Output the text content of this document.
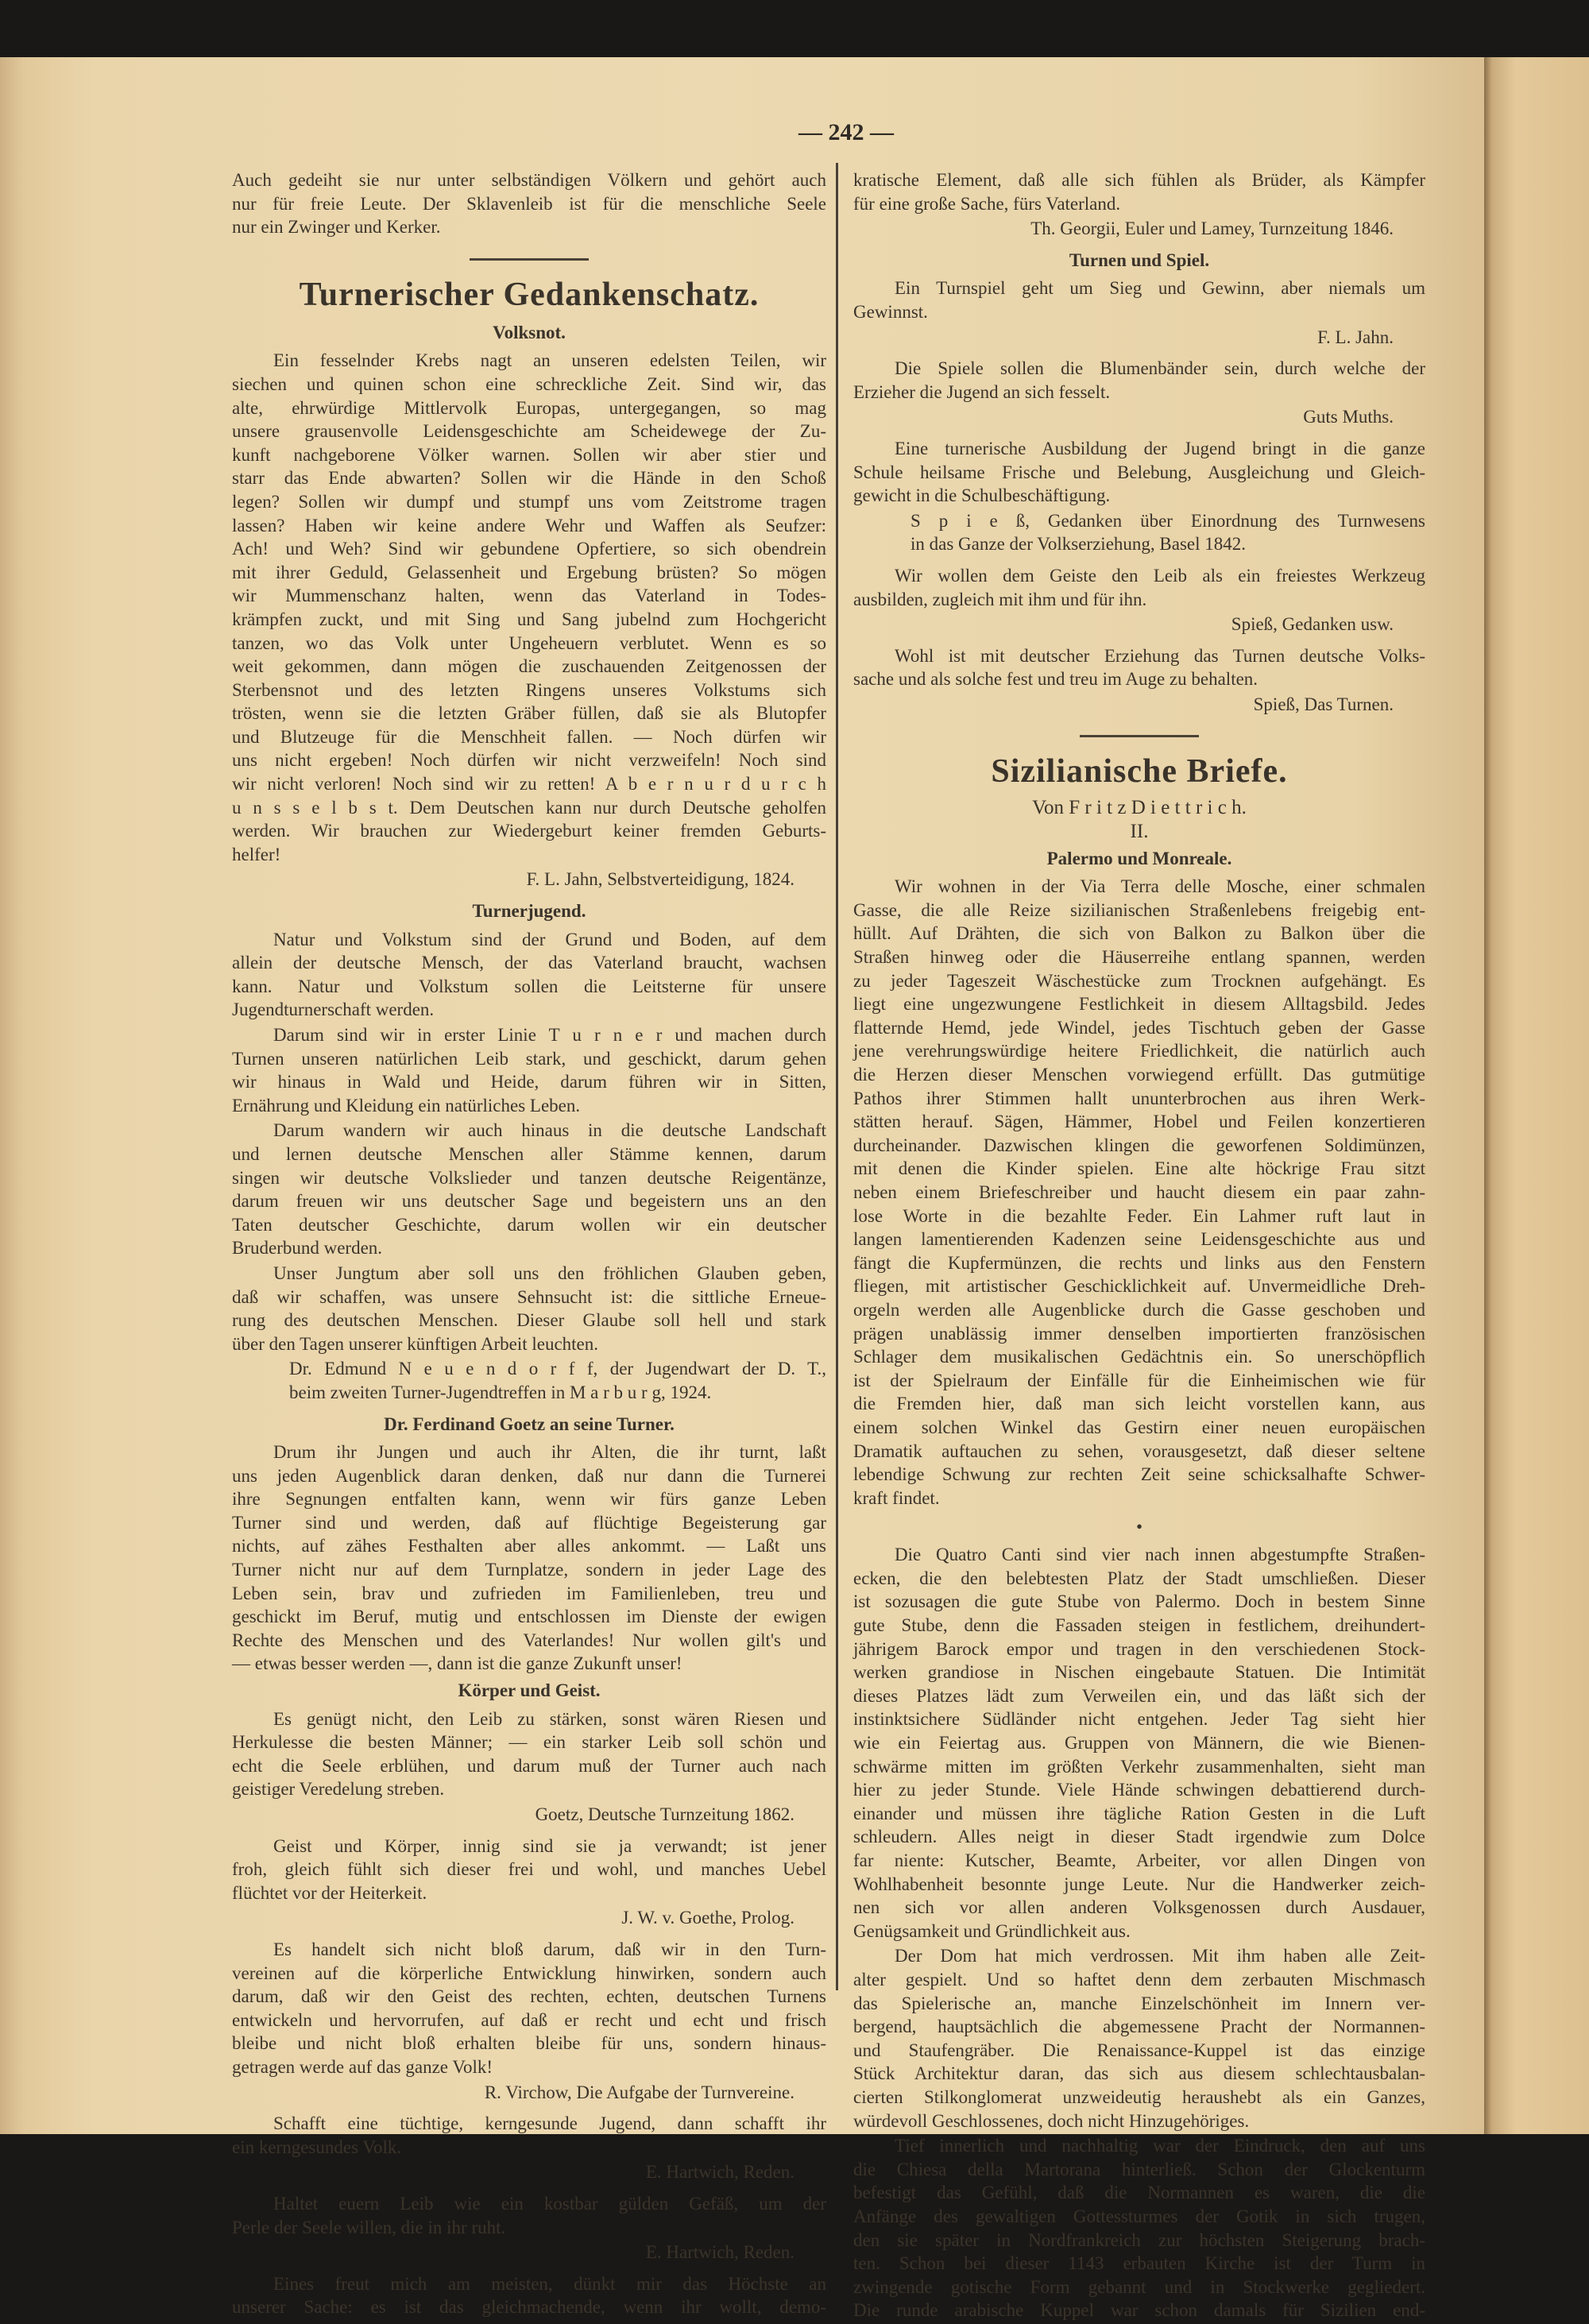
— 242 —
Auch gedeiht sie nur unter selbständigen Völkern und gehört auch
nur für freie Leute. Der Sklavenleib ist für die menschliche Seele
nur ein Zwinger und Kerker.
Turnerischer Gedankenschatz.
Volksnot.
Ein fesselnder Krebs nagt an unseren edelsten Teilen, wir
siechen und quinen schon eine schreckliche Zeit. Sind wir, das
alte, ehrwürdige Mittlervolk Europas, untergegangen, so mag
unsere grausenvolle Leidensgeschichte am Scheidewege der Zu-
kunft nachgeborene Völker warnen. Sollen wir aber stier und
starr das Ende abwarten? Sollen wir die Hände in den Schoß
legen? Sollen wir dumpf und stumpf uns vom Zeitstrome tragen
lassen? Haben wir keine andere Wehr und Waffen als Seufzer:
Ach! und Weh? Sind wir gebundene Opfertiere, so sich obendrein
mit ihrer Geduld, Gelassenheit und Ergebung brüsten? So mögen
wir Mummenschanz halten, wenn das Vaterland in Todes-
krämpfen zuckt, und mit Sing und Sang jubelnd zum Hochgericht
tanzen, wo das Volk unter Ungeheuern verblutet. Wenn es so
weit gekommen, dann mögen die zuschauenden Zeitgenossen der
Sterbensnot und des letzten Ringens unseres Volkstums sich
trösten, wenn sie die letzten Gräber füllen, daß sie als Blutopfer
und Blutzeuge für die Menschheit fallen. — Noch dürfen wir
uns nicht ergeben! Noch dürfen wir nicht verzweifeln! Noch sind
wir nicht verloren! Noch sind wir zu retten! A b e r n u r d u r c h
u n s s e l b s t. Dem Deutschen kann nur durch Deutsche geholfen
werden. Wir brauchen zur Wiedergeburt keiner fremden Geburts-
helfer!
F. L. Jahn, Selbstverteidigung, 1824.
Turnerjugend.
Natur und Volkstum sind der Grund und Boden, auf dem
allein der deutsche Mensch, der das Vaterland braucht, wachsen
kann. Natur und Volkstum sollen die Leitsterne für unsere
Jugendturnerschaft werden.
Darum sind wir in erster Linie T u r n e r und machen durch
Turnen unseren natürlichen Leib stark, und geschickt, darum gehen
wir hinaus in Wald und Heide, darum führen wir in Sitten,
Ernährung und Kleidung ein natürliches Leben.
Darum wandern wir auch hinaus in die deutsche Landschaft
und lernen deutsche Menschen aller Stämme kennen, darum
singen wir deutsche Volkslieder und tanzen deutsche Reigentänze,
darum freuen wir uns deutscher Sage und begeistern uns an den
Taten deutscher Geschichte, darum wollen wir ein deutscher
Bruderbund werden.
Unser Jungtum aber soll uns den fröhlichen Glauben geben,
daß wir schaffen, was unsere Sehnsucht ist: die sittliche Erneue-
rung des deutschen Menschen. Dieser Glaube soll hell und stark
über den Tagen unserer künftigen Arbeit leuchten.
Dr. Edmund N e u e n d o r f f, der Jugendwart der D. T.,
beim zweiten Turner-Jugendtreffen in M a r b u r g, 1924.
Dr. Ferdinand Goetz an seine Turner.
Drum ihr Jungen und auch ihr Alten, die ihr turnt, laßt
uns jeden Augenblick daran denken, daß nur dann die Turnerei
ihre Segnungen entfalten kann, wenn wir fürs ganze Leben
Turner sind und werden, daß auf flüchtige Begeisterung gar
nichts, auf zähes Festhalten aber alles ankommt. — Laßt uns
Turner nicht nur auf dem Turnplatze, sondern in jeder Lage des
Leben sein, brav und zufrieden im Familienleben, treu und
geschickt im Beruf, mutig und entschlossen im Dienste der ewigen
Rechte des Menschen und des Vaterlandes! Nur wollen gilt's und
— etwas besser werden —, dann ist die ganze Zukunft unser!
Körper und Geist.
Es genügt nicht, den Leib zu stärken, sonst wären Riesen und
Herkulesse die besten Männer; — ein starker Leib soll schön und
echt die Seele erblühen, und darum muß der Turner auch nach
geistiger Veredelung streben.
Goetz, Deutsche Turnzeitung 1862.
Geist und Körper, innig sind sie ja verwandt; ist jener
froh, gleich fühlt sich dieser frei und wohl, und manches Uebel
flüchtet vor der Heiterkeit.
J. W. v. Goethe, Prolog.
Es handelt sich nicht bloß darum, daß wir in den Turn-
vereinen auf die körperliche Entwicklung hinwirken, sondern auch
darum, daß wir den Geist des rechten, echten, deutschen Turnens
entwickeln und hervorrufen, auf daß er recht und echt und frisch
bleibe und nicht bloß erhalten bleibe für uns, sondern hinaus-
getragen werde auf das ganze Volk!
R. Virchow, Die Aufgabe der Turnvereine.
Schafft eine tüchtige, kerngesunde Jugend, dann schafft ihr
ein kerngesundes Volk.
E. Hartwich, Reden.
Haltet euern Leib wie ein kostbar gülden Gefäß, um der
Perle der Seele willen, die in ihr ruht.
E. Hartwich, Reden.
Eines freut mich am meisten, dünkt mir das Höchste an
unserer Sache: es ist das gleichmachende, wenn ihr wollt, demo-
kratische Element, daß alle sich fühlen als Brüder, als Kämpfer
für eine große Sache, fürs Vaterland.
Th. Georgii, Euler und Lamey, Turnzeitung 1846.
Turnen und Spiel.
Ein Turnspiel geht um Sieg und Gewinn, aber niemals um
Gewinnst.
F. L. Jahn.
Die Spiele sollen die Blumenbänder sein, durch welche der
Erzieher die Jugend an sich fesselt.
Guts Muths.
Eine turnerische Ausbildung der Jugend bringt in die ganze
Schule heilsame Frische und Belebung, Ausgleichung und Gleich-
gewicht in die Schulbeschäftigung.
S p i e ß, Gedanken über Einordnung des Turnwesens
in das Ganze der Volkserziehung, Basel 1842.
Wir wollen dem Geiste den Leib als ein freiestes Werkzeug
ausbilden, zugleich mit ihm und für ihn.
Spieß, Gedanken usw.
Wohl ist mit deutscher Erziehung das Turnen deutsche Volks-
sache und als solche fest und treu im Auge zu behalten.
Spieß, Das Turnen.
Sizilianische Briefe.
Von F r i t z D i e t t r i c h.
II.
Palermo und Monreale.
Wir wohnen in der Via Terra delle Mosche, einer schmalen
Gasse, die alle Reize sizilianischen Straßenlebens freigebig ent-
hüllt. Auf Drähten, die sich von Balkon zu Balkon über die
Straßen hinweg oder die Häuserreihe entlang spannen, werden
zu jeder Tageszeit Wäschestücke zum Trocknen aufgehängt. Es
liegt eine ungezwungene Festlichkeit in diesem Alltagsbild. Jedes
flatternde Hemd, jede Windel, jedes Tischtuch geben der Gasse
jene verehrungswürdige heitere Friedlichkeit, die natürlich auch
die Herzen dieser Menschen vorwiegend erfüllt. Das gutmütige
Pathos ihrer Stimmen hallt ununterbrochen aus ihren Werk-
stätten herauf. Sägen, Hämmer, Hobel und Feilen konzertieren
durcheinander. Dazwischen klingen die geworfenen Soldimünzen,
mit denen die Kinder spielen. Eine alte höckrige Frau sitzt
neben einem Briefeschreiber und haucht diesem ein paar zahn-
lose Worte in die bezahlte Feder. Ein Lahmer ruft laut in
langen lamentierenden Kadenzen seine Leidensgeschichte aus und
fängt die Kupfermünzen, die rechts und links aus den Fenstern
fliegen, mit artistischer Geschicklichkeit auf. Unvermeidliche Dreh-
orgeln werden alle Augenblicke durch die Gasse geschoben und
prägen unablässig immer denselben importierten französischen
Schlager dem musikalischen Gedächtnis ein. So unerschöpflich
ist der Spielraum der Einfälle für die Einheimischen wie für
die Fremden hier, daß man sich leicht vorstellen kann, aus
einem solchen Winkel das Gestirn einer neuen europäischen
Dramatik auftauchen zu sehen, vorausgesetzt, daß dieser seltene
lebendige Schwung zur rechten Zeit seine schicksalhafte Schwer-
kraft findet.
•
Die Quatro Canti sind vier nach innen abgestumpfte Straßen-
ecken, die den belebtesten Platz der Stadt umschließen. Dieser
ist sozusagen die gute Stube von Palermo. Doch in bestem Sinne
gute Stube, denn die Fassaden steigen in festlichem, dreihundert-
jährigem Barock empor und tragen in den verschiedenen Stock-
werken grandiose in Nischen eingebaute Statuen. Die Intimität
dieses Platzes lädt zum Verweilen ein, und das läßt sich der
instinktsichere Südländer nicht entgehen. Jeder Tag sieht hier
wie ein Feiertag aus. Gruppen von Männern, die wie Bienen-
schwärme mitten im größten Verkehr zusammenhalten, sieht man
hier zu jeder Stunde. Viele Hände schwingen debattierend durch-
einander und müssen ihre tägliche Ration Gesten in die Luft
schleudern. Alles neigt in dieser Stadt irgendwie zum Dolce
far niente: Kutscher, Beamte, Arbeiter, vor allen Dingen von
Wohlhabenheit besonnte junge Leute. Nur die Handwerker zeich-
nen sich vor allen anderen Volksgenossen durch Ausdauer,
Genügsamkeit und Gründlichkeit aus.
Der Dom hat mich verdrossen. Mit ihm haben alle Zeit-
alter gespielt. Und so haftet denn dem zerbauten Mischmasch
das Spielerische an, manche Einzelschönheit im Innern ver-
bergend, hauptsächlich die abgemessene Pracht der Normannen-
und Staufengräber. Die Renaissance-Kuppel ist das einzige
Stück Architektur daran, das sich aus diesem schlechtausbalan-
cierten Stilkonglomerat unzweideutig heraushebt als ein Ganzes,
würdevoll Geschlossenes, doch nicht Hinzugehöriges.
Tief innerlich und nachhaltig war der Eindruck, den auf uns
die Chiesa della Martorana hinterließ. Schon der Glockenturm
befestigt das Gefühl, daß die Normannen es waren, die die
Anfänge des gewaltigen Gottessturmes der Gotik in sich trugen,
den sie später in Nordfrankreich zur höchsten Steigerung brach-
ten. Schon bei dieser 1143 erbauten Kirche ist der Turm in
zwingende gotische Form gebannt und in Stockwerke gegliedert.
Die runde arabische Kuppel war schon damals für Sizilien end-
